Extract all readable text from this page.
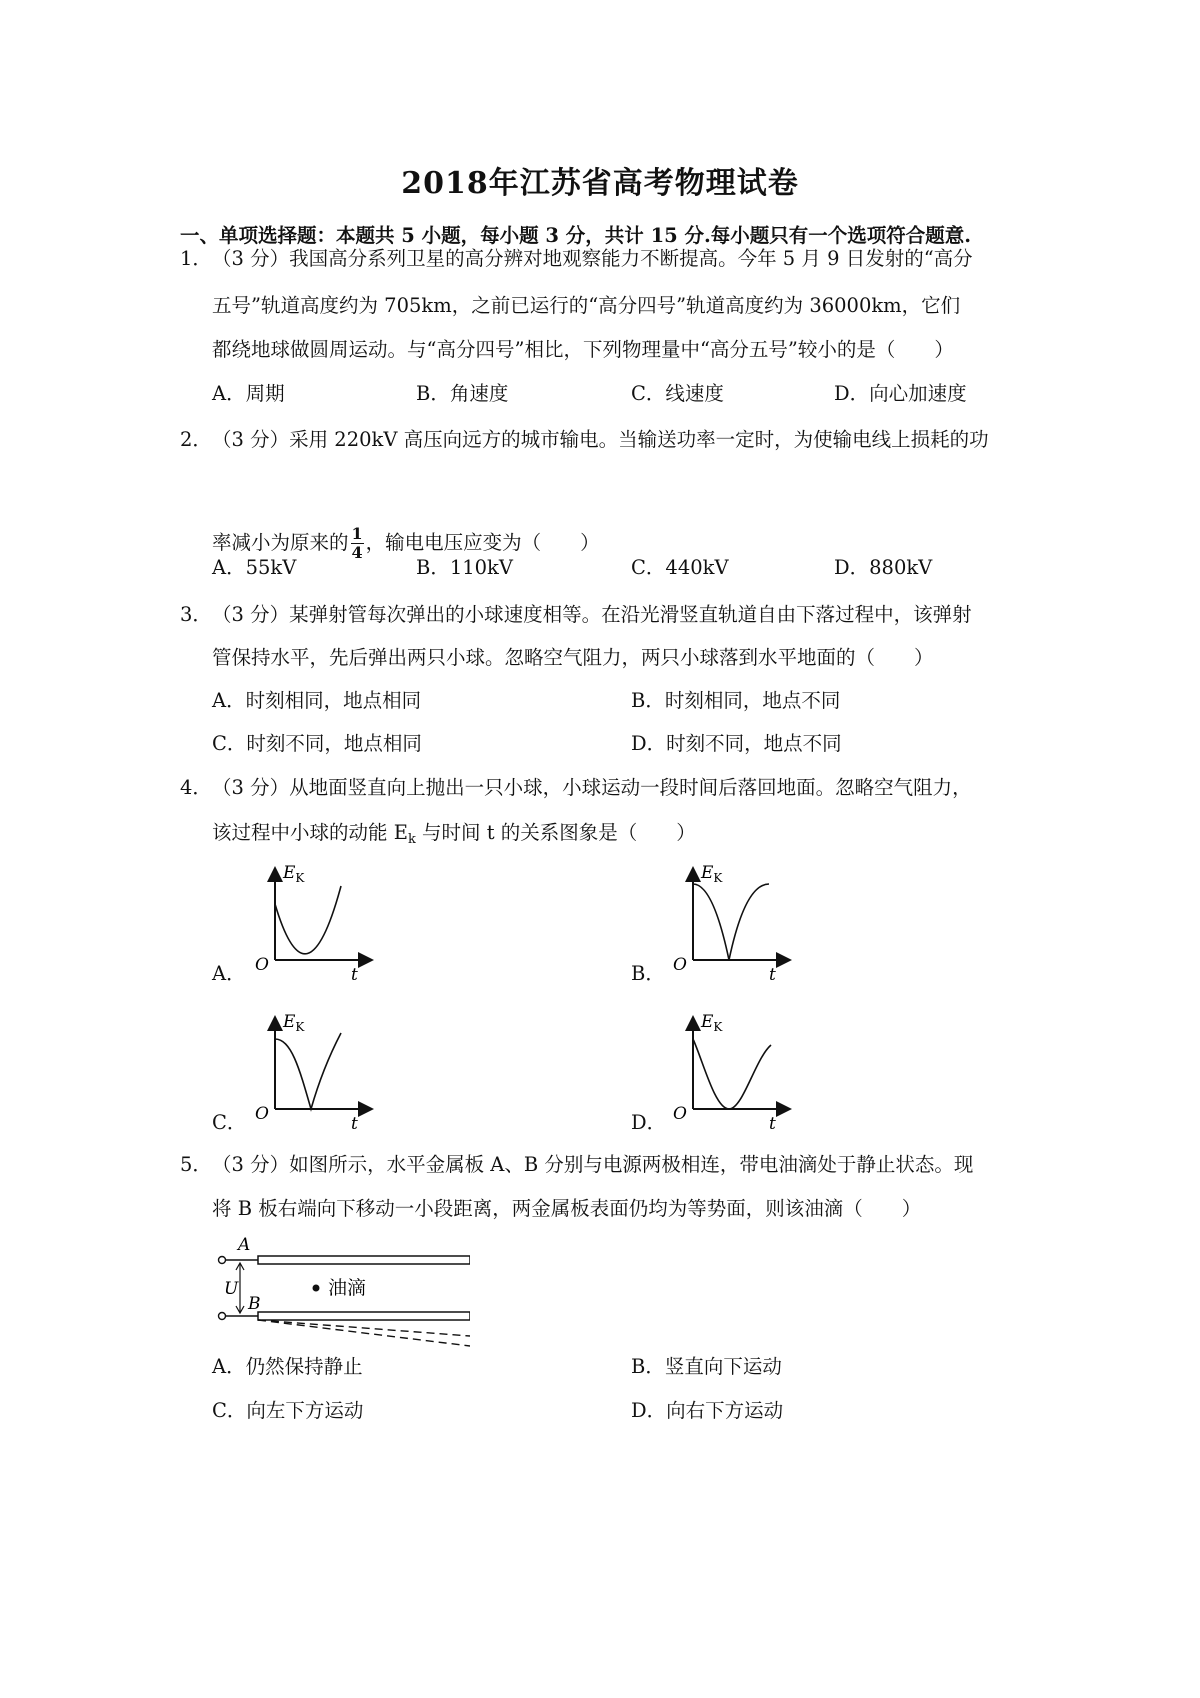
2018年江苏省高考物理试卷
一、单项选择题：本题共 5 小题，每小题 3 分，共计 15 分.每小题只有一个选项符合题意.
1． （3 分）我国高分系列卫星的高分辨对地观察能力不断提高。今年 5 月 9 日发射的“高分
五号”轨道高度约为 705km，之前已运行的“高分四号”轨道高度约为 36000km，它们
都绕地球做圆周运动。与“高分四号”相比，下列物理量中“高分五号”较小的是（　　）
A．周期	B．角速度	C．线速度	D．向心加速度
2． （3 分）采用 220kV 高压向远方的城市输电。当输送功率一定时，为使输电线上损耗的功
率减小为原来的 $\frac{1}{4}$ ，输电电压应变为（　　）
A．55kV	B．110kV	C．440kV	D．880kV
3． （3 分）某弹射管每次弹出的小球速度相等。在沿光滑竖直轨道自由下落过程中，该弹射
管保持水平，先后弹出两只小球。忽略空气阻力，两只小球落到水平地面的（　　）
A．时刻相同，地点相同	B．时刻相同，地点不同
C．时刻不同，地点相同	D．时刻不同，地点不同
4． （3 分）从地面竖直向上抛出一只小球，小球运动一段时间后落回地面。忽略空气阻力，
该过程中小球的动能 $E_k$ 与时间 t 的关系图象是（　　）
A．
$E_K$
O	t	B．
$E_K$
O	t
C．
$E_K$
O	t	D．
$E_K$
O	t
5． （3 分）如图所示，水平金属板 A、B 分别与电源两极相连，带电油滴处于静止状态。现
将 B 板右端向下移动一小段距离，两金属板表面仍均为等势面，则该油滴（　　）
U
A
B
油滴
A．仍然保持静止	B．竖直向下运动
C．向左下方运动	D．向右下方运动
